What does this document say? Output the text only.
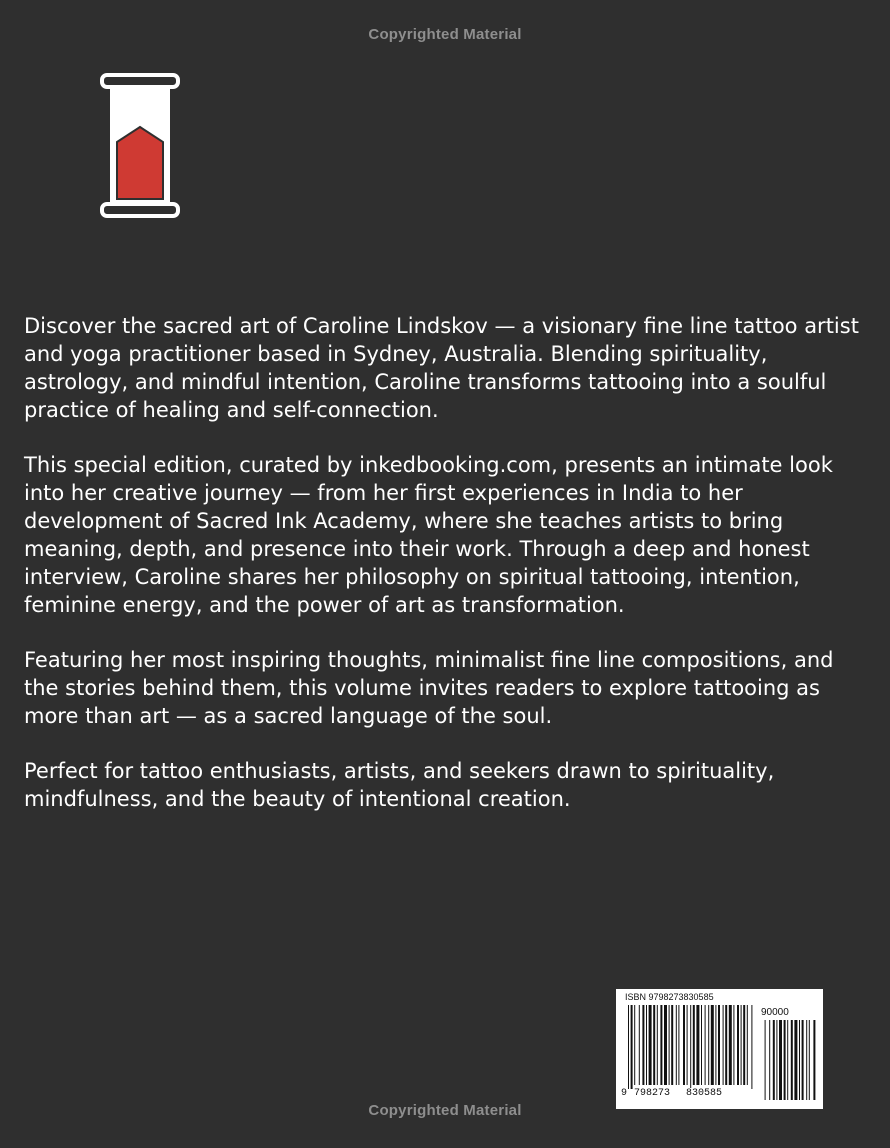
Copyrighted Material

Discover the sacred art of Caroline Lindskov — a visionary fine line tattoo artist and yoga practitioner based in Sydney, Australia. Blending spirituality, astrology, and mindful intention, Caroline transforms tattooing into a soulful practice of healing and self-connection.

This special edition, curated by inkedbooking.com, presents an intimate look into her creative journey — from her first experiences in India to her development of Sacred Ink Academy, where she teaches artists to bring meaning, depth, and presence into their work. Through a deep and honest interview, Caroline shares her philosophy on spiritual tattooing, intention, feminine energy, and the power of art as transformation.

Featuring her most inspiring thoughts, minimalist fine line compositions, and the stories behind them, this volume invites readers to explore tattooing as more than art — as a sacred language of the soul.

Perfect for tattoo enthusiasts, artists, and seekers drawn to spirituality, mindfulness, and the beauty of intentional creation.

ISBN 9798273830585
90000
9 798273 830585
Copyrighted Material
